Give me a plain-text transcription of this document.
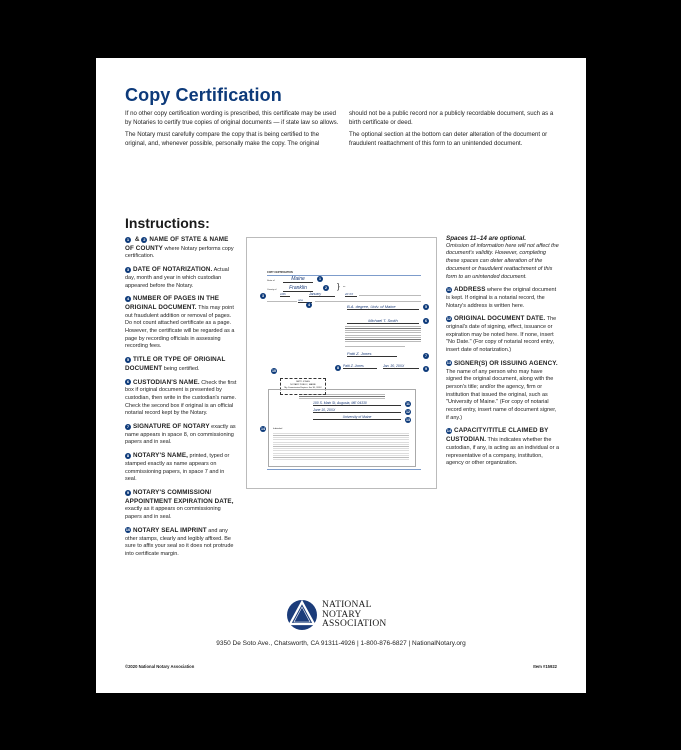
Copy Certification

If no other copy certification wording is prescribed, this certificate may be used by Notaries to certify true copies of original documents — if state law so allows.

The Notary must carefully compare the copy that is being certified to the original, and, whenever possible, personally make the copy. The original

should not be a public record nor a publicly recordable document, such as a birth certificate or deed.

The optional section at the bottom can deter alteration of the document or fraudulent reattachment of this form to an unintended document.

Instructions:
1 & 2 NAME OF STATE & NAME OF COUNTY where Notary performs copy certification.
3 DATE OF NOTARIZATION. Actual day, month and year in which custodian appeared before the Notary.
4 NUMBER OF PAGES IN THE ORIGINAL DOCUMENT. This may point out fraudulent addition or removal of pages. Do not count attached certificate as a page. However, the certificate will be regarded as a page by recording officials in assessing recording fees.
5 TITLE OR TYPE OF ORIGINAL DOCUMENT being certified.
6 CUSTODIAN'S NAME. Check the first box if original document is presented by custodian, then write in the custodian's name. Check the second box if original is an official notarial record kept by the Notary.
7 SIGNATURE OF NOTARY exactly as name appears in space 8, on commissioning papers and in seal.
8 NOTARY'S NAME, printed, typed or stamped exactly as name appears on commissioning papers, in space 7 and in seal.
9 NOTARY'S COMMISSION/ APPOINTMENT EXPIRATION DATE, exactly as it appears on commissioning papers and in seal.
10 NOTARY SEAL IMPRINT and any other stamps, clearly and legibly affixed. Be sure to affix your seal so it does not protrude into certificate margin.
Spaces 11–14 are optional.
Omission of information here will not affect the document's validity. However, completing these spaces can deter alteration of the document or fraudulent reattachment of this form to an unintended document.
11 ADDRESS where the original document is kept. If original is a notarial record, the Notary's address is written here.
12 ORIGINAL DOCUMENT DATE. The original's date of signing, effect, issuance or expiration may be noted here. If none, insert "No Date." (For copy of notarial record entry, insert date of notarization.)
13 SIGNER(S) OR ISSUING AGENCY. The name of any person who may have signed the original document, along with the person's title; and/or the agency, firm or institution that issued the original, such as "University of Maine." (For copy of notarial record entry, insert name of document signer, if any.)
14 CAPACITY/TITLE CLAIMED BY CUSTODIAN. This indicates whether the custodian, if any, is acting as an individual or a representative of a company, institution, agency or other organization.
COPY CERTIFICATION
State of	Maine	1
County of	Franklin	2 } ss.
3	10th	January	20 XX
one
4	B.A. degree, Univ. of Maine	5
Michael T. Smith	6
Patti Z. Jones	7
PATTI JONES
NOTARY PUBLIC, MAINE
My Commission Expires Jan 30, 20XX
10
8	Patti Z. Jones	Jan. 30, 20XX
9
100 S. Main St, Augusta, ME 04330	11
June 10, 20XX	12
University of Maine
13
Individual
14
NATIONAL
NOTARY
ASSOCIATION
9350 De Soto Ave., Chatsworth, CA 91311-4926 | 1-800-876-6827 | NationalNotary.org
©2020 National Notary Association	Item #15922
